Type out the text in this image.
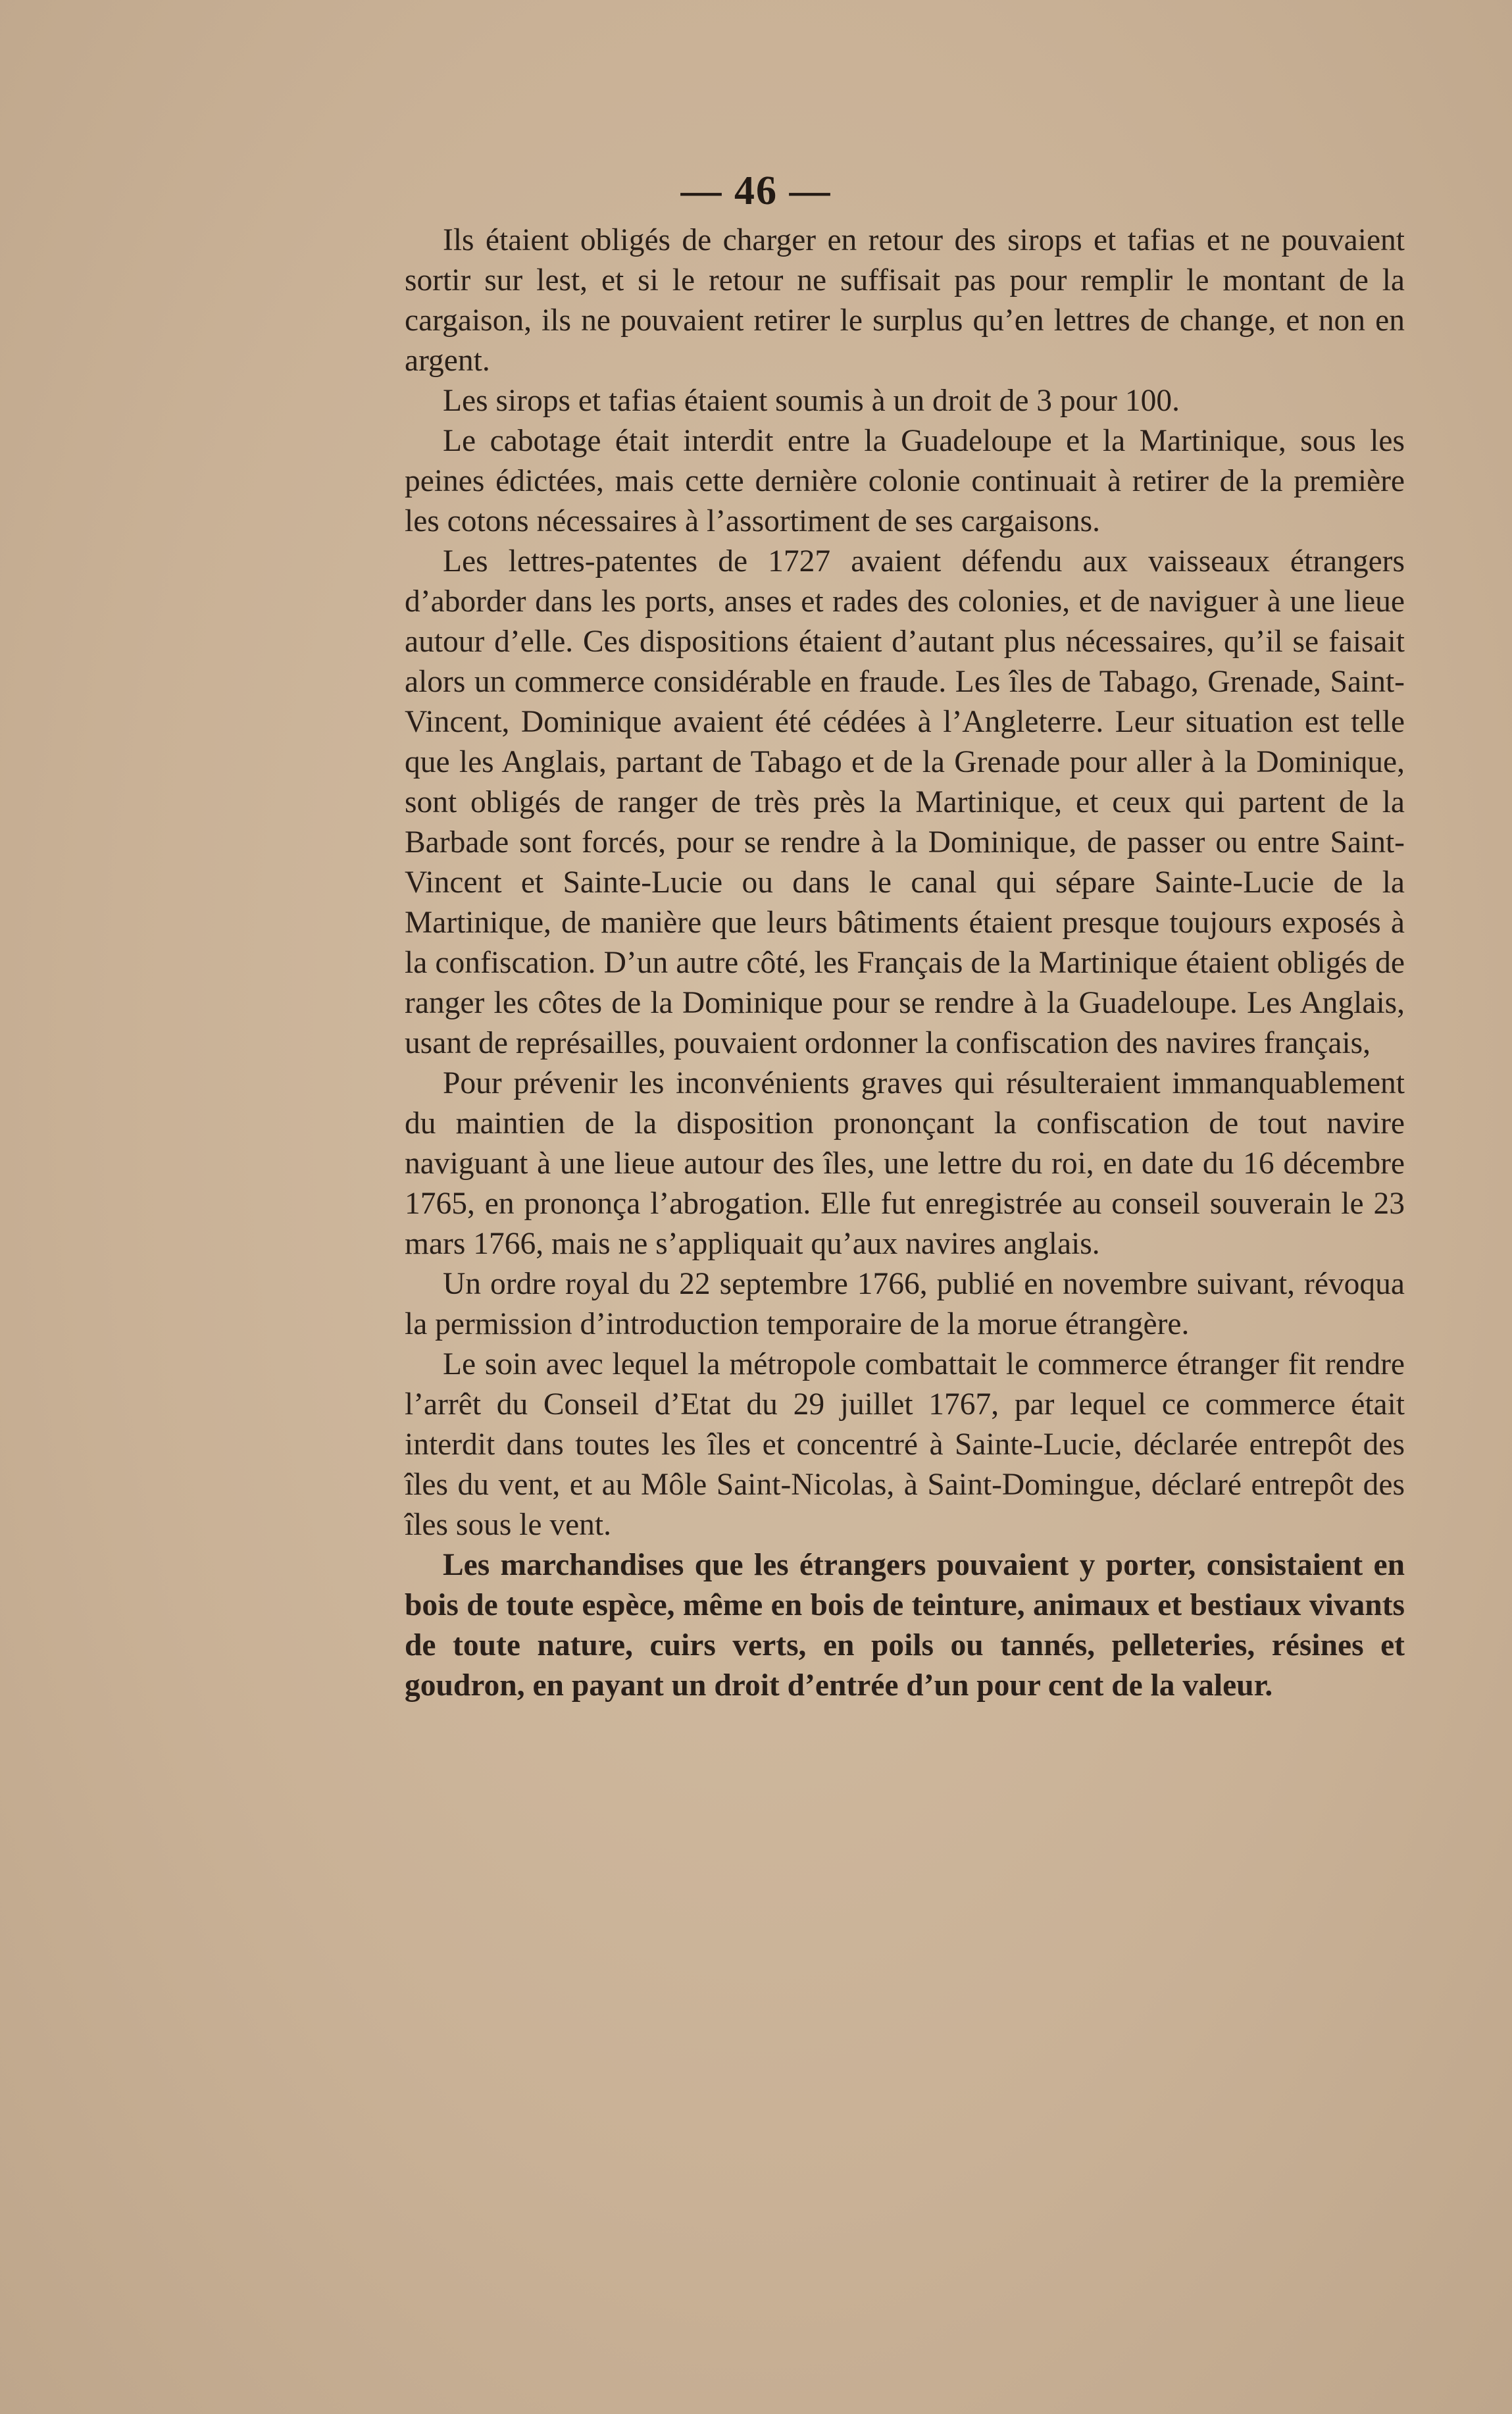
— 46 —

Ils étaient obligés de charger en retour des sirops et tafias et ne pouvaient sortir sur lest, et si le retour ne suffisait pas pour remplir le montant de la cargaison, ils ne pouvaient retirer le surplus qu’en lettres de change, et non en argent.

Les sirops et tafias étaient soumis à un droit de 3 pour 100.

Le cabotage était interdit entre la Guadeloupe et la Martinique, sous les peines édictées, mais cette dernière colonie continuait à retirer de la première les cotons nécessaires à l’assortiment de ses cargaisons.

Les lettres-patentes de 1727 avaient défendu aux vaisseaux étrangers d’aborder dans les ports, anses et rades des colonies, et de naviguer à une lieue autour d’elle. Ces dispositions étaient d’autant plus nécessaires, qu’il se faisait alors un commerce considérable en fraude. Les îles de Tabago, Grenade, Saint-Vincent, Dominique avaient été cédées à l’Angleterre. Leur situation est telle que les Anglais, partant de Tabago et de la Grenade pour aller à la Dominique, sont obligés de ranger de très près la Martinique, et ceux qui partent de la Barbade sont forcés, pour se rendre à la Dominique, de passer ou entre Saint-Vincent et Sainte-Lucie ou dans le canal qui sépare Sainte-Lucie de la Martinique, de manière que leurs bâtiments étaient presque toujours exposés à la confiscation. D’un autre côté, les Français de la Martinique étaient obligés de ranger les côtes de la Dominique pour se rendre à la Guadeloupe. Les Anglais, usant de représailles, pouvaient ordonner la confiscation des navires français,

Pour prévenir les inconvénients graves qui résulteraient immanquablement du maintien de la disposition prononçant la confiscation de tout navire naviguant à une lieue autour des îles, une lettre du roi, en date du 16 décembre 1765, en prononça l’abrogation. Elle fut enregistrée au conseil souverain le 23 mars 1766, mais ne s’appliquait qu’aux navires anglais.

Un ordre royal du 22 septembre 1766, publié en novembre suivant, révoqua la permission d’introduction temporaire de la morue étrangère.

Le soin avec lequel la métropole combattait le commerce étranger fit rendre l’arrêt du Conseil d’Etat du 29 juillet 1767, par lequel ce commerce était interdit dans toutes les îles et concentré à Sainte-Lucie, déclarée entrepôt des îles du vent, et au Môle Saint-Nicolas, à Saint-Domingue, déclaré entrepôt des îles sous le vent.

Les marchandises que les étrangers pouvaient y porter, consistaient en bois de toute espèce, même en bois de teinture, animaux et bestiaux vivants de toute nature, cuirs verts, en poils ou tannés, pelleteries, résines et goudron, en payant un droit d’entrée d’un pour cent de la valeur.
